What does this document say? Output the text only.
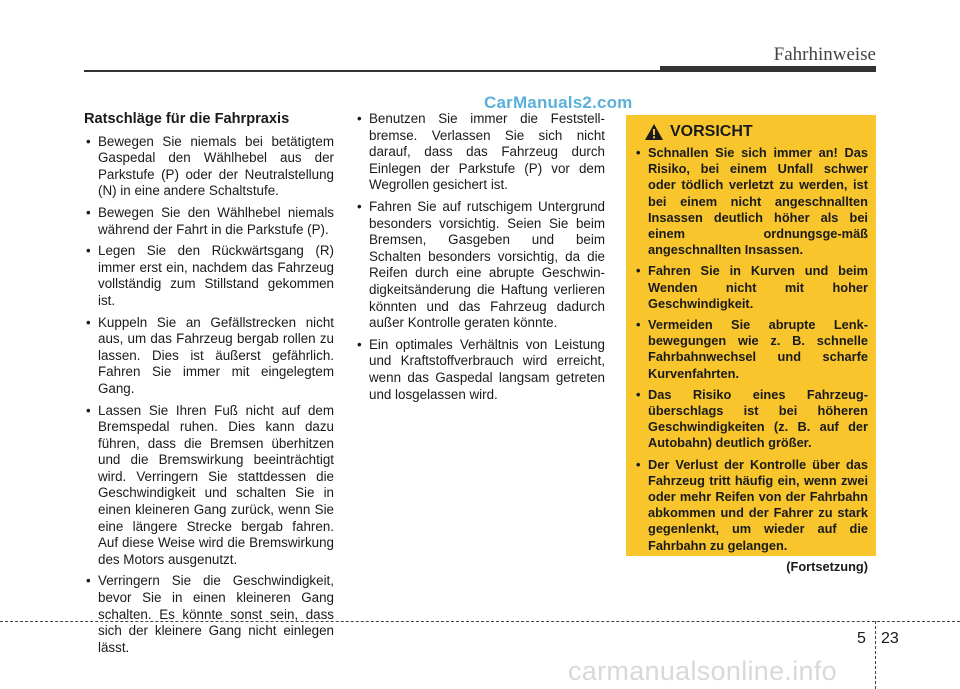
Fahrhinweise
CarManuals2.com
Ratschläge für die Fahrpraxis
• Bewegen Sie niemals bei betätigtem Gaspedal den Wählhebel aus der Parkstufe (P) oder der Neutralstellung (N) in eine andere Schaltstufe.
• Bewegen Sie den Wählhebel niemals während der Fahrt in die Parkstufe (P).
• Legen Sie den Rückwärtsgang (R) immer erst ein, nachdem das Fahrzeug vollständig zum Stillstand gekommen ist.
• Kuppeln Sie an Gefällstrecken nicht aus, um das Fahrzeug bergab rollen zu lassen. Dies ist äußerst gefährlich. Fahren Sie immer mit eingelegtem Gang.
• Lassen Sie Ihren Fuß nicht auf dem Bremspedal ruhen. Dies kann dazu führen, dass die Bremsen überhitzen und die Bremswirkung beeinträchtigt wird. Verringern Sie stattdessen die Geschwindigkeit und schalten Sie in einen kleineren Gang zurück, wenn Sie eine längere Strecke bergab fahren. Auf diese Weise wird die Bremswirkung des Motors ausgenutzt.
• Verringern Sie die Geschwindigkeit, bevor Sie in einen kleineren Gang schalten. Es könnte sonst sein, dass sich der kleinere Gang nicht einlegen lässt.
• Benutzen Sie immer die Feststell-bremse. Verlassen Sie sich nicht darauf, dass das Fahrzeug durch Einlegen der Parkstufe (P) vor dem Wegrollen gesichert ist.
• Fahren Sie auf rutschigem Untergrund besonders vorsichtig. Seien Sie beim Bremsen, Gasgeben und beim Schalten besonders vorsichtig, da die Reifen durch eine abrupte Geschwin-digkeitsänderung die Haftung verlieren könnten und das Fahrzeug dadurch außer Kontrolle geraten könnte.
• Ein optimales Verhältnis von Leistung und Kraftstoffverbrauch wird erreicht, wenn das Gaspedal langsam getreten und losgelassen wird.
VORSICHT
• Schnallen Sie sich immer an! Das Risiko, bei einem Unfall schwer oder tödlich verletzt zu werden, ist bei einem nicht angeschnallten Insassen deutlich höher als bei einem ordnungsge-mäß angeschnallten Insassen.
• Fahren Sie in Kurven und beim Wenden nicht mit hoher Geschwindigkeit.
• Vermeiden Sie abrupte Lenk-bewegungen wie z. B. schnelle Fahrbahnwechsel und scharfe Kurvenfahrten.
• Das Risiko eines Fahrzeug-überschlags ist bei höheren Geschwindigkeiten (z. B. auf der Autobahn) deutlich größer.
• Der Verlust der Kontrolle über das Fahrzeug tritt häufig ein, wenn zwei oder mehr Reifen von der Fahrbahn abkommen und der Fahrer zu stark gegenlenkt, um wieder auf die Fahrbahn zu gelangen.
(Fortsetzung)
5 23
carmanualsonline.info
